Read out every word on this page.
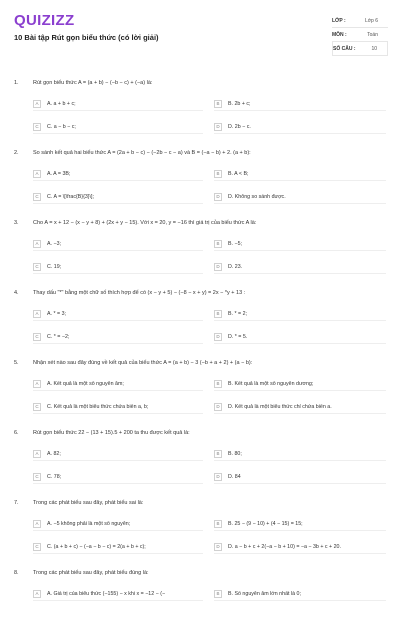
QUIZIZZ
10 Bài tập Rút gọn biểu thức (có lời giải)
LỚP :	Lớp 6
MÔN :	Toán
SỐ CÂU :	10
1.	Rút gọn biểu thức A = (a + b) − (−b − c) + (−a) là:
A	A. a + b + c;	B	B. 2b + c;
C	C. a − b − c;	D	D. 2b − c.
2.	So sánh kết quả hai biểu thức A = (2a + b − c) − (−2b − c − a) và B = (−a − b) + 2. (a + b):
A	A. A = 3B;	B	B. A < B;
C	C. A = \[\frac{B}{3}\];	D	D. Không so sánh được.
3.	Cho A = x + 12 − (x − y + 8) + (2x + y − 15). Với x = 20, y = −16 thì giá trị của biểu thức A là:
A	A. −3;	B	B. −5;
C	C. 19;	D	D. 23.
4.	Thay dấu "*" bằng một chữ số thích hợp để có (x − y + 5) − (−8 − x + y) = 2x − *y + 13 :
A	A. * = 3;	B	B. * = 2;
C	C. * = −2;	D	D. * = 5.
5.	Nhận xét nào sau đây đúng về kết quả của biểu thức A = (a + b) − 3 (−b + a + 2) + (a − b):
A	A. Kết quả là một số nguyên âm;	B	B. Kết quả là một số nguyên dương;
C	C. Kết quả là một biểu thức chứa biến a, b;	D	D. Kết quả là một biểu thức chỉ chứa biến a.
6.	Rút gọn biểu thức 22 − (13 + 15).5 + 200 ta thu được kết quả là:
A	A. 82;	B	B. 80;
C	C. 78;	D	D. 84
7.	Trong các phát biểu sau đây, phát biểu sai là:
A	A. −5 không phải là một số nguyên;	B	B. 25 − (9 − 10) + (4 − 15) = 15;
C	C. (a + b + c) − (−a − b − c) = 2(a + b + c);	D	D. a − b + c + 2(−a − b + 10) = −a − 3b + c + 20.
8.	Trong các phát biểu sau đây, phát biểu đúng là:
A	A. Giá trị của biểu thức (−155) − x khi x = −12 − (−	B	B. Số nguyên âm lớn nhất là 0;
